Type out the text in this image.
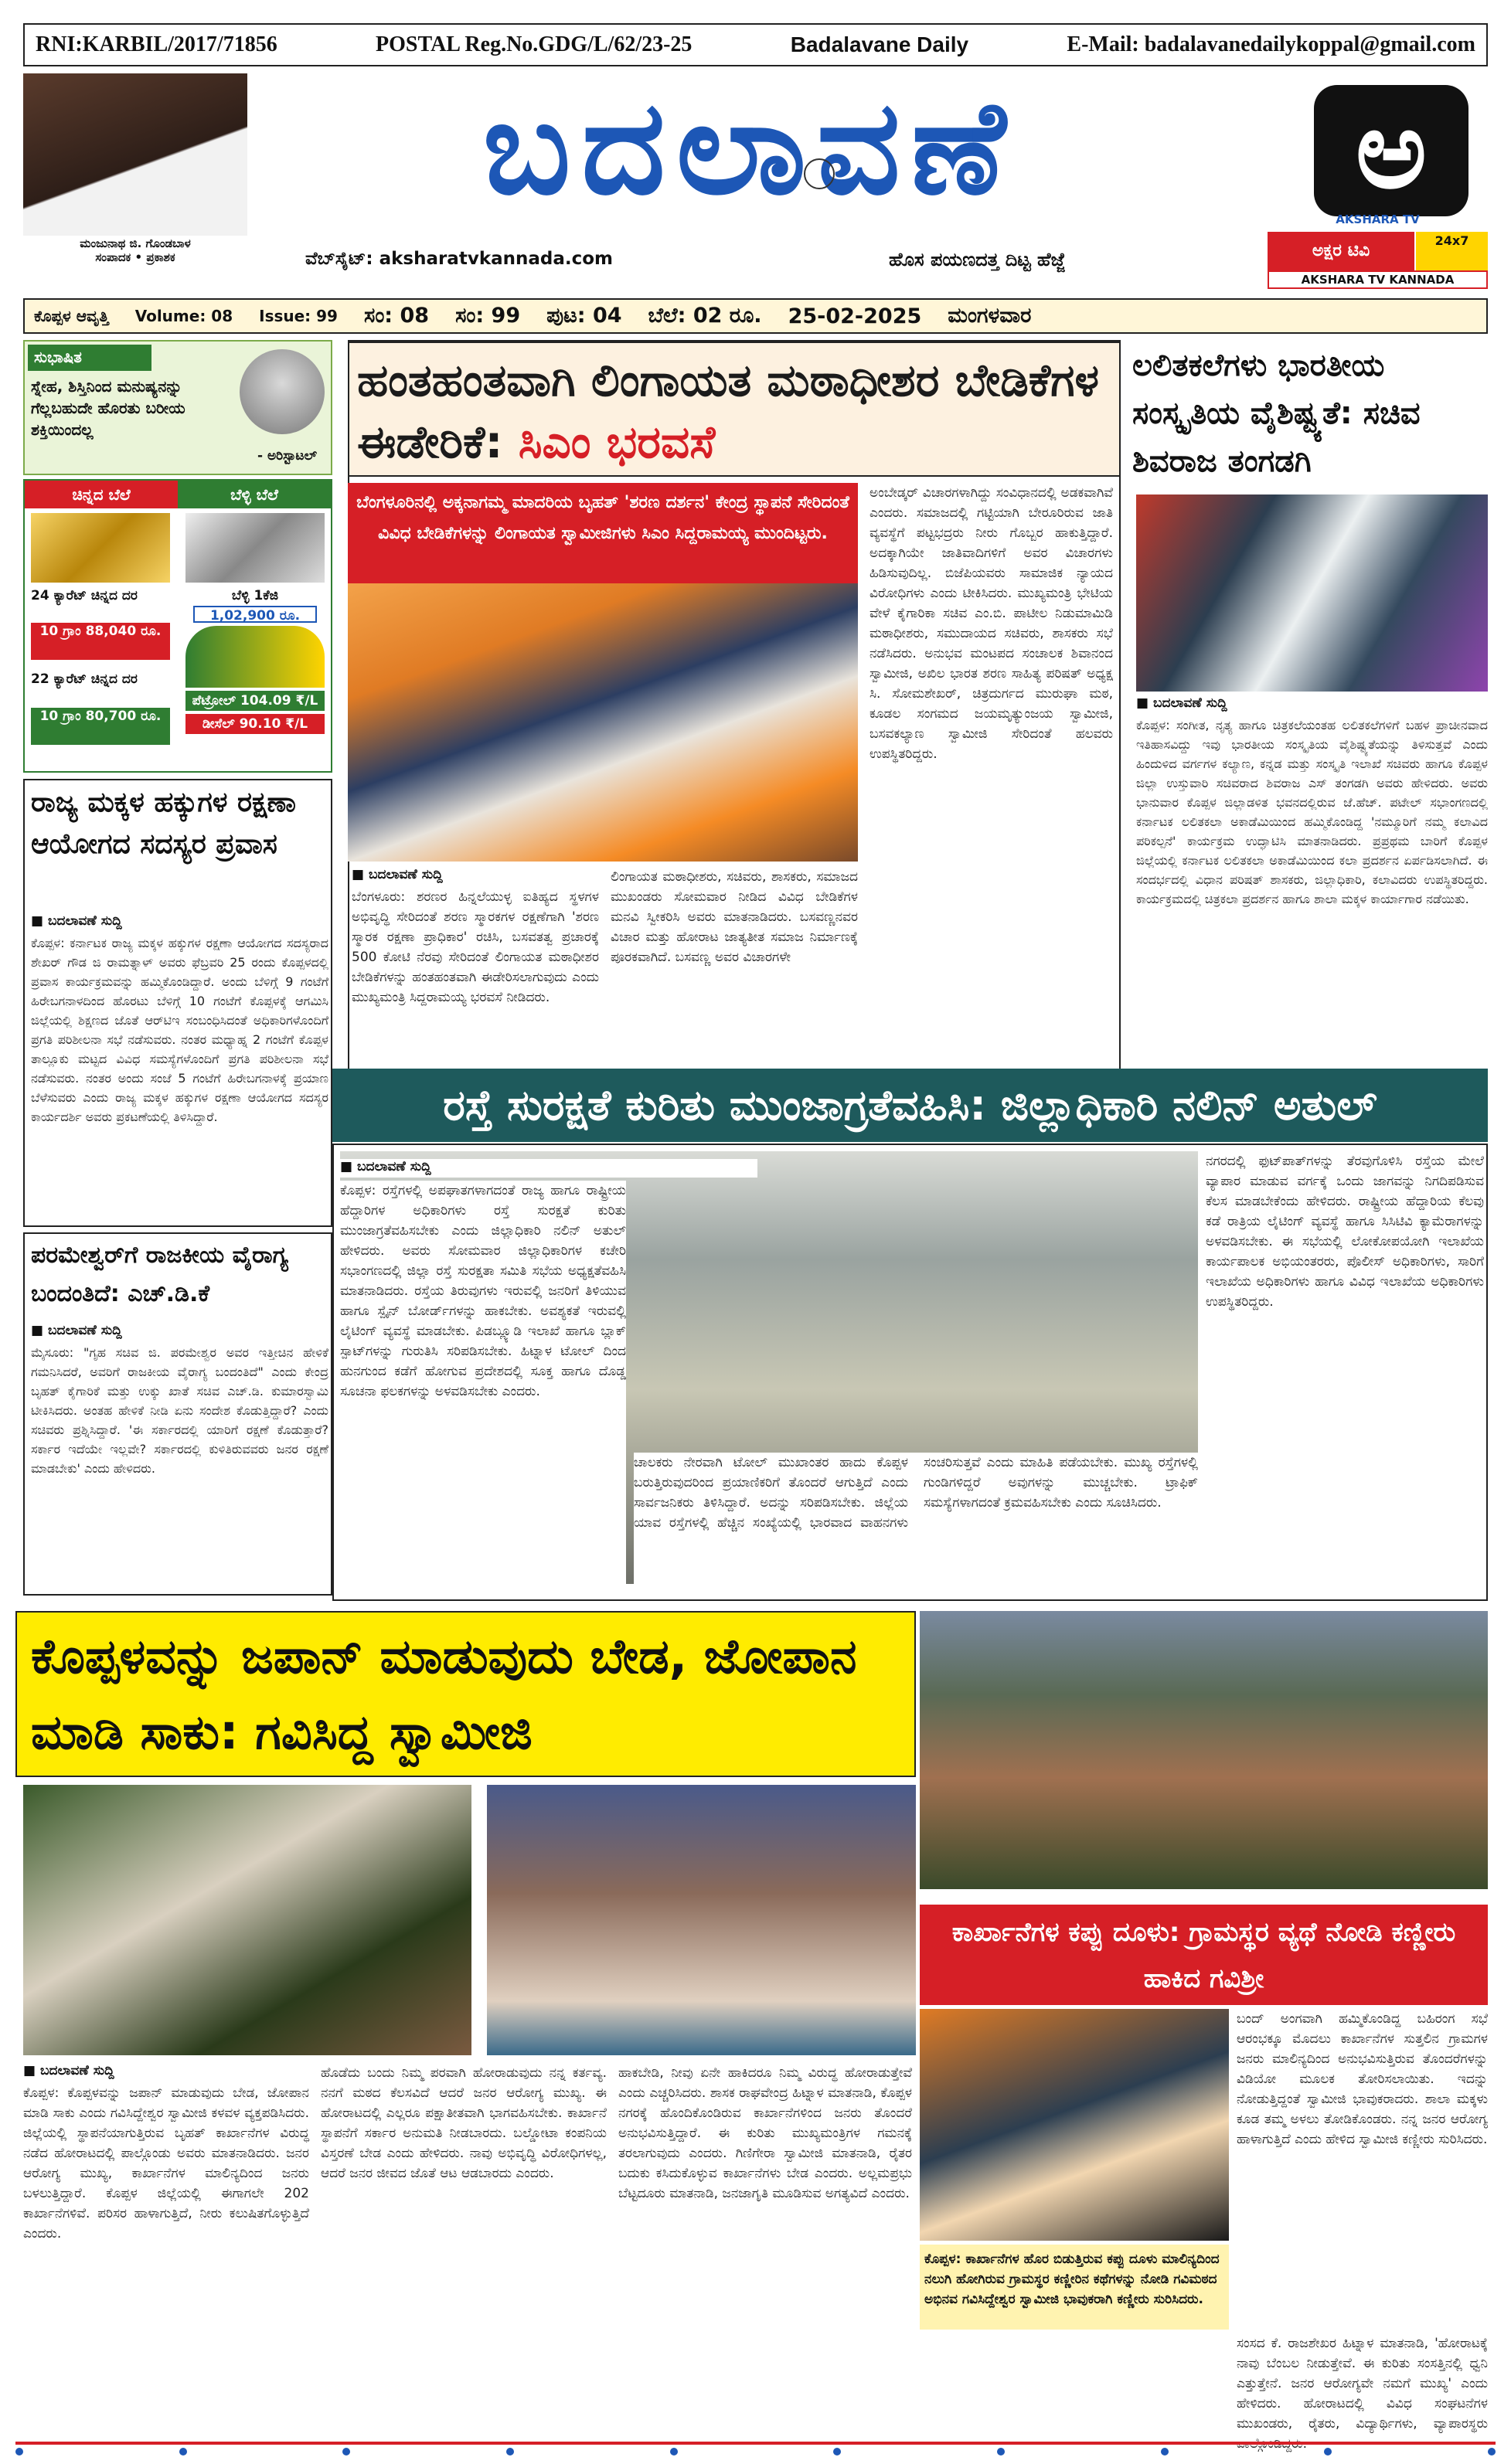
RNI:KARBIL/2017/71856	POSTAL Reg.No.GDG/L/62/23-25	Badalavane Daily	E-Mail: badalavanedailykoppal@gmail.com
ಮಂಜುನಾಥ ಜಿ. ಗೊಂಡಬಾಳ
ಸಂಪಾದಕ • ಪ್ರಕಾಶಕ
ಬದಲಾವಣೆ
ವೆಬ್‌ಸೈಟ್: aksharatvkannada.com	ಹೊಸ ಪಯಣದತ್ತ ದಿಟ್ಟ ಹೆಜ್ಜೆ
ಅ
AKSHARA TV
ಅಕ್ಷರ ಟಿವಿ
24x7
AKSHARA TV KANNADA
ಕೊಪ್ಪಳ ಆವೃತ್ತಿ Volume: 08 Issue: 99 ಸಂ: 08 ಸಂ: 99 ಪುಟ: 04 ಬೆಲೆ: 02 ರೂ. 25-02-2025 ಮಂಗಳವಾರ
ಸುಭಾಷಿತ
ಸ್ನೇಹ, ಶಿಸ್ತಿನಿಂದ ಮನುಷ್ಯನನ್ನು ಗೆಲ್ಲಬಹುದೇ ಹೊರತು ಬರೀಯ ಶಕ್ತಿಯಿಂದಲ್ಲ
- ಅರಿಸ್ಟಾಟಲ್
ಚಿನ್ನದ ಬೆಲೆ	ಬೆಳ್ಳಿ ಬೆಲೆ
24 ಕ್ಯಾರೆಟ್ ಚಿನ್ನದ ದರ
10 ಗ್ರಾಂ 88,040 ರೂ.
22 ಕ್ಯಾರೆಟ್ ಚಿನ್ನದ ದರ
10 ಗ್ರಾಂ 80,700 ರೂ.
ಬೆಳ್ಳಿ 1ಕೆಜಿ
1,02,900 ರೂ.
ಪೆಟ್ರೋಲ್ 104.09 ₹/L
ಡೀಸೆಲ್ 90.10 ₹/L
ರಾಜ್ಯ ಮಕ್ಕಳ ಹಕ್ಕುಗಳ ರಕ್ಷಣಾ ಆಯೋಗದ ಸದಸ್ಯರ ಪ್ರವಾಸ
■ ಬದಲಾವಣೆ ಸುದ್ದಿ
ಕೊಪ್ಪಳ: ಕರ್ನಾಟಕ ರಾಜ್ಯ ಮಕ್ಕಳ ಹಕ್ಕುಗಳ ರಕ್ಷಣಾ ಆಯೋಗದ ಸದಸ್ಯರಾದ ಶೇಖರ್ ಗೌಡ ಜಿ ರಾಮತ್ನಾಳ್ ಅವರು ಫೆಬ್ರವರಿ 25 ರಂದು ಕೊಪ್ಪಳದಲ್ಲಿ ಪ್ರವಾಸ ಕಾರ್ಯಕ್ರಮವನ್ನು ಹಮ್ಮಿಕೊಂಡಿದ್ದಾರೆ. ಅಂದು ಬೆಳಿಗ್ಗೆ 9 ಗಂಟೆಗೆ ಹಿರೇಬಗನಾಳದಿಂದ ಹೊರಟು ಬೆಳಿಗ್ಗೆ 10 ಗಂಟೆಗೆ ಕೊಪ್ಪಳಕ್ಕೆ ಆಗಮಿಸಿ ಜಿಲ್ಲೆಯಲ್ಲಿ ಶಿಕ್ಷಣದ ಜೊತೆ ಆರ್‌ಟಿಇ ಸಂಬಂಧಿಸಿದಂತೆ ಅಧಿಕಾರಿಗಳೊಂದಿಗೆ ಪ್ರಗತಿ ಪರಿಶೀಲನಾ ಸಭೆ ನಡೆಸುವರು. ನಂತರ ಮಧ್ಯಾಹ್ನ 2 ಗಂಟೆಗೆ ಕೊಪ್ಪಳ ತಾಲ್ಲೂಕು ಮಟ್ಟದ ವಿವಿಧ ಸಮಸ್ಯೆಗಳೊಂದಿಗೆ ಪ್ರಗತಿ ಪರಿಶೀಲನಾ ಸಭೆ ನಡೆಸುವರು. ನಂತರ ಅಂದು ಸಂಜೆ 5 ಗಂಟೆಗೆ ಹಿರೇಬಗನಾಳಕ್ಕೆ ಪ್ರಯಾಣ ಬೆಳೆಸುವರು ಎಂದು ರಾಜ್ಯ ಮಕ್ಕಳ ಹಕ್ಕುಗಳ ರಕ್ಷಣಾ ಆಯೋಗದ ಸದಸ್ಯರ ಕಾರ್ಯದರ್ಶಿ ಅವರು ಪ್ರಕಟಣೆಯಲ್ಲಿ ತಿಳಿಸಿದ್ದಾರೆ.
ಪರಮೇಶ್ವರ್‌ಗೆ ರಾಜಕೀಯ ವೈರಾಗ್ಯ ಬಂದಂತಿದೆ: ಎಚ್.ಡಿ.ಕೆ
■ ಬದಲಾವಣೆ ಸುದ್ದಿ
ಮೈಸೂರು: "ಗೃಹ ಸಚಿವ ಜಿ. ಪರಮೇಶ್ವರ ಅವರ ಇತ್ತೀಚಿನ ಹೇಳಿಕೆ ಗಮನಿಸಿದರೆ, ಅವರಿಗೆ ರಾಜಕೀಯ ವೈರಾಗ್ಯ ಬಂದಂತಿದೆ" ಎಂದು ಕೇಂದ್ರ ಬೃಹತ್ ಕೈಗಾರಿಕೆ ಮತ್ತು ಉಕ್ಕು ಖಾತೆ ಸಚಿವ ಎಚ್.ಡಿ. ಕುಮಾರಸ್ವಾಮಿ ಟೀಕಿಸಿದರು. ಅಂತಹ ಹೇಳಿಕೆ ನೀಡಿ ಏನು ಸಂದೇಶ ಕೊಡುತ್ತಿದ್ದಾರೆ? ಎಂದು ಸಚಿವರು ಪ್ರಶ್ನಿಸಿದ್ದಾರೆ. 'ಈ ಸರ್ಕಾರದಲ್ಲಿ ಯಾರಿಗೆ ರಕ್ಷಣೆ ಕೊಡುತ್ತಾರೆ? ಸರ್ಕಾರ ಇದೆಯೇ ಇಲ್ಲವೇ? ಸರ್ಕಾರದಲ್ಲಿ ಕುಳಿತಿರುವವರು ಜನರ ರಕ್ಷಣೆ ಮಾಡಬೇಕು' ಎಂದು ಹೇಳಿದರು.
ಹಂತಹಂತವಾಗಿ ಲಿಂಗಾಯತ ಮಠಾಧೀಶರ ಬೇಡಿಕೆಗಳ ಈಡೇರಿಕೆ: ಸಿಎಂ ಭರವಸೆ
ಬೆಂಗಳೂರಿನಲ್ಲಿ ಅಕ್ಕನಾಗಮ್ಮ ಮಾದರಿಯ ಬೃಹತ್ 'ಶರಣ ದರ್ಶನ' ಕೇಂದ್ರ ಸ್ಥಾಪನೆ ಸೇರಿದಂತೆ ವಿವಿಧ ಬೇಡಿಕೆಗಳನ್ನು ಲಿಂಗಾಯತ ಸ್ವಾಮೀಜಿಗಳು ಸಿಎಂ ಸಿದ್ದರಾಮಯ್ಯ ಮುಂದಿಟ್ಟರು.
ಅಂಬೇಡ್ಕರ್ ವಿಚಾರಗಳಾಗಿದ್ದು ಸಂವಿಧಾನದಲ್ಲಿ ಅಡಕವಾಗಿವೆ ಎಂದರು. ಸಮಾಜದಲ್ಲಿ ಗಟ್ಟಿಯಾಗಿ ಬೇರೂರಿರುವ ಜಾತಿ ವ್ಯವಸ್ಥೆಗೆ ಪಟ್ಟಭದ್ರರು ನೀರು ಗೊಬ್ಬರ ಹಾಕುತ್ತಿದ್ದಾರೆ. ಅದಕ್ಕಾಗಿಯೇ ಜಾತಿವಾದಿಗಳಿಗೆ ಅವರ ವಿಚಾರಗಳು ಹಿಡಿಸುವುದಿಲ್ಲ. ಬಿಜೆಪಿಯವರು ಸಾಮಾಜಿಕ ನ್ಯಾಯದ ವಿರೋಧಿಗಳು ಎಂದು ಟೀಕಿಸಿದರು. ಮುಖ್ಯಮಂತ್ರಿ ಭೇಟಿಯ ವೇಳೆ ಕೈಗಾರಿಕಾ ಸಚಿವ ಎಂ.ಬಿ. ಪಾಟೀಲ ನಿಡುಮಾಮಿಡಿ ಮಠಾಧೀಶರು, ಸಮುದಾಯದ ಸಚಿವರು, ಶಾಸಕರು ಸಭೆ ನಡೆಸಿದರು. ಅನುಭವ ಮಂಟಪದ ಸಂಚಾಲಕ ಶಿವಾನಂದ ಸ್ವಾಮೀಜಿ, ಅಖಿಲ ಭಾರತ ಶರಣ ಸಾಹಿತ್ಯ ಪರಿಷತ್ ಅಧ್ಯಕ್ಷ ಸಿ. ಸೋಮಶೇಖರ್, ಚಿತ್ರದುರ್ಗದ ಮುರುಘಾ ಮಠ, ಕೂಡಲ ಸಂಗಮದ ಜಯಮೃತ್ಯುಂಜಯ ಸ್ವಾಮೀಜಿ, ಬಸವಕಲ್ಯಾಣ ಸ್ವಾಮೀಜಿ ಸೇರಿದಂತೆ ಹಲವರು ಉಪಸ್ಥಿತರಿದ್ದರು.
■ ಬದಲಾವಣೆ ಸುದ್ದಿ
ಬೆಂಗಳೂರು: ಶರಣರ ಹಿನ್ನಲೆಯುಳ್ಳ ಐತಿಹ್ಯದ ಸ್ಥಳಗಳ ಅಭಿವೃದ್ಧಿ ಸೇರಿದಂತೆ ಶರಣ ಸ್ಮಾರಕಗಳ ರಕ್ಷಣೆಗಾಗಿ 'ಶರಣ ಸ್ಮಾರಕ ರಕ್ಷಣಾ ಪ್ರಾಧಿಕಾರ' ರಚಿಸಿ, ಬಸವತತ್ವ ಪ್ರಚಾರಕ್ಕೆ 500 ಕೋಟಿ ನೆರವು ಸೇರಿದಂತೆ ಲಿಂಗಾಯತ ಮಠಾಧೀಶರ ಬೇಡಿಕೆಗಳನ್ನು ಹಂತಹಂತವಾಗಿ ಈಡೇರಿಸಲಾಗುವುದು ಎಂದು ಮುಖ್ಯಮಂತ್ರಿ ಸಿದ್ದರಾಮಯ್ಯ ಭರವಸೆ ನೀಡಿದರು.
ಲಿಂಗಾಯತ ಮಠಾಧೀಶರು, ಸಚಿವರು, ಶಾಸಕರು, ಸಮಾಜದ ಮುಖಂಡರು ಸೋಮವಾರ ನೀಡಿದ ವಿವಿಧ ಬೇಡಿಕೆಗಳ ಮನವಿ ಸ್ವೀಕರಿಸಿ ಅವರು ಮಾತನಾಡಿದರು. ಬಸವಣ್ಣನವರ ವಿಚಾರ ಮತ್ತು ಹೋರಾಟ ಜಾತ್ಯತೀತ ಸಮಾಜ ನಿರ್ಮಾಣಕ್ಕೆ ಪೂರಕವಾಗಿದೆ. ಬಸವಣ್ಣ ಅವರ ವಿಚಾರಗಳೇ
ಲಲಿತಕಲೆಗಳು ಭಾರತೀಯ ಸಂಸ್ಕೃತಿಯ ವೈಶಿಷ್ಟ್ಯತೆ: ಸಚಿವ ಶಿವರಾಜ ತಂಗಡಗಿ
■ ಬದಲಾವಣೆ ಸುದ್ದಿ
ಕೊಪ್ಪಳ: ಸಂಗೀತ, ನೃತ್ಯ ಹಾಗೂ ಚಿತ್ರಕಲೆಯಂತಹ ಲಲಿತಕಲೆಗಳಿಗೆ ಬಹಳ ಪ್ರಾಚೀನವಾದ ಇತಿಹಾಸವಿದ್ದು ಇವು ಭಾರತೀಯ ಸಂಸ್ಕೃತಿಯ ವೈಶಿಷ್ಟ್ಯತೆಯನ್ನು ತಿಳಿಸುತ್ತವೆ ಎಂದು ಹಿಂದುಳಿದ ವರ್ಗಗಳ ಕಲ್ಯಾಣ, ಕನ್ನಡ ಮತ್ತು ಸಂಸ್ಕೃತಿ ಇಲಾಖೆ ಸಚಿವರು ಹಾಗೂ ಕೊಪ್ಪಳ ಜಿಲ್ಲಾ ಉಸ್ತುವಾರಿ ಸಚಿವರಾದ ಶಿವರಾಜ ಎಸ್ ತಂಗಡಗಿ ಅವರು ಹೇಳಿದರು. ಅವರು ಭಾನುವಾರ ಕೊಪ್ಪಳ ಜಿಲ್ಲಾಡಳಿತ ಭವನದಲ್ಲಿರುವ ಜೆ.ಹೆಚ್. ಪಟೇಲ್ ಸಭಾಂಗಣದಲ್ಲಿ ಕರ್ನಾಟಕ ಲಲಿತಕಲಾ ಅಕಾಡೆಮಿಯಿಂದ ಹಮ್ಮಿಕೊಂಡಿದ್ದ 'ನಮ್ಮೂರಿಗೆ ನಮ್ಮ ಕಲಾವಿದ ಪರಿಕಲ್ಪನೆ' ಕಾರ್ಯಕ್ರಮ ಉದ್ಘಾಟಿಸಿ ಮಾತನಾಡಿದರು. ಪ್ರಪ್ರಥಮ ಬಾರಿಗೆ ಕೊಪ್ಪಳ ಜಿಲ್ಲೆಯಲ್ಲಿ ಕರ್ನಾಟಕ ಲಲಿತಕಲಾ ಅಕಾಡೆಮಿಯಿಂದ ಕಲಾ ಪ್ರದರ್ಶನ ಏರ್ಪಡಿಸಲಾಗಿದೆ. ಈ ಸಂದರ್ಭದಲ್ಲಿ ವಿಧಾನ ಪರಿಷತ್ ಶಾಸಕರು, ಜಿಲ್ಲಾಧಿಕಾರಿ, ಕಲಾವಿದರು ಉಪಸ್ಥಿತರಿದ್ದರು. ಕಾರ್ಯಕ್ರಮದಲ್ಲಿ ಚಿತ್ರಕಲಾ ಪ್ರದರ್ಶನ ಹಾಗೂ ಶಾಲಾ ಮಕ್ಕಳ ಕಾರ್ಯಾಗಾರ ನಡೆಯಿತು.
ರಸ್ತೆ ಸುರಕ್ಷತೆ ಕುರಿತು ಮುಂಜಾಗ್ರತೆವಹಿಸಿ: ಜಿಲ್ಲಾಧಿಕಾರಿ ನಲಿನ್ ಅತುಲ್
ನಗರದಲ್ಲಿ ಫುಟ್‌ಪಾತ್‌ಗಳನ್ನು ತೆರವುಗೊಳಿಸಿ ರಸ್ತೆಯ ಮೇಲೆ ವ್ಯಾಪಾರ ಮಾಡುವ ವರ್ಗಕ್ಕೆ ಒಂದು ಜಾಗವನ್ನು ನಿಗದಿಪಡಿಸುವ ಕೆಲಸ ಮಾಡಬೇಕೆಂದು ಹೇಳಿದರು. ರಾಷ್ಟ್ರೀಯ ಹೆದ್ದಾರಿಯ ಕೆಲವು ಕಡೆ ರಾತ್ರಿಯ ಲೈಟಿಂಗ್ ವ್ಯವಸ್ಥೆ ಹಾಗೂ ಸಿಸಿಟಿವಿ ಕ್ಯಾಮೆರಾಗಳನ್ನು ಅಳವಡಿಸಬೇಕು. ಈ ಸಭೆಯಲ್ಲಿ ಲೋಕೋಪಯೋಗಿ ಇಲಾಖೆಯ ಕಾರ್ಯಪಾಲಕ ಅಭಿಯಂತರರು, ಪೊಲೀಸ್ ಅಧಿಕಾರಿಗಳು, ಸಾರಿಗೆ ಇಲಾಖೆಯ ಅಧಿಕಾರಿಗಳು ಹಾಗೂ ವಿವಿಧ ಇಲಾಖೆಯ ಅಧಿಕಾರಿಗಳು ಉಪಸ್ಥಿತರಿದ್ದರು.
■ ಬದಲಾವಣೆ ಸುದ್ದಿ
ಕೊಪ್ಪಳ: ರಸ್ತೆಗಳಲ್ಲಿ ಅಪಘಾತಗಳಾಗದಂತೆ ರಾಜ್ಯ ಹಾಗೂ ರಾಷ್ಟ್ರೀಯ ಹೆದ್ದಾರಿಗಳ ಅಧಿಕಾರಿಗಳು ರಸ್ತೆ ಸುರಕ್ಷತೆ ಕುರಿತು ಮುಂಜಾಗ್ರತೆವಹಿಸಬೇಕು ಎಂದು ಜಿಲ್ಲಾಧಿಕಾರಿ ನಲಿನ್ ಅತುಲ್ ಹೇಳಿದರು. ಅವರು ಸೋಮವಾರ ಜಿಲ್ಲಾಧಿಕಾರಿಗಳ ಕಚೇರಿ ಸಭಾಂಗಣದಲ್ಲಿ ಜಿಲ್ಲಾ ರಸ್ತೆ ಸುರಕ್ಷತಾ ಸಮಿತಿ ಸಭೆಯ ಅಧ್ಯಕ್ಷತೆವಹಿಸಿ ಮಾತನಾಡಿದರು. ರಸ್ತೆಯ ತಿರುವುಗಳು ಇರುವಲ್ಲಿ ಜನರಿಗೆ ತಿಳಿಯುವ ಹಾಗೂ ಸ್ಪೈನ್ ಬೋರ್ಡ್‌ಗಳನ್ನು ಹಾಕಬೇಕು. ಅವಶ್ಯಕತೆ ಇರುವಲ್ಲಿ ಲೈಟಿಂಗ್ ವ್ಯವಸ್ಥೆ ಮಾಡಬೇಕು. ಪಿಡಬ್ಲ್ಯೂಡಿ ಇಲಾಖೆ ಹಾಗೂ ಬ್ಲಾಕ್ ಸ್ಪಾಟ್‌ಗಳನ್ನು ಗುರುತಿಸಿ ಸರಿಪಡಿಸಬೇಕು. ಹಿಟ್ನಾಳ ಟೋಲ್ ದಿಂದ ಹುನಗುಂದ ಕಡೆಗೆ ಹೋಗುವ ಪ್ರದೇಶದಲ್ಲಿ ಸೂಕ್ತ ಹಾಗೂ ದೊಡ್ಡ ಸೂಚನಾ ಫಲಕಗಳನ್ನು ಅಳವಡಿಸಬೇಕು ಎಂದರು.
ಚಾಲಕರು ನೇರವಾಗಿ ಟೋಲ್ ಮುಖಾಂತರ ಹಾದು ಕೊಪ್ಪಳ ಬರುತ್ತಿರುವುದರಿಂದ ಪ್ರಯಾಣಿಕರಿಗೆ ತೊಂದರೆ ಆಗುತ್ತಿದೆ ಎಂದು ಸಾರ್ವಜನಿಕರು ತಿಳಿಸಿದ್ದಾರೆ. ಅದನ್ನು ಸರಿಪಡಿಸಬೇಕು. ಜಿಲ್ಲೆಯ ಯಾವ ರಸ್ತೆಗಳಲ್ಲಿ ಹೆಚ್ಚಿನ ಸಂಖ್ಯೆಯಲ್ಲಿ ಭಾರವಾದ ವಾಹನಗಳು ಸಂಚರಿಸುತ್ತವೆ ಎಂದು ಮಾಹಿತಿ ಪಡೆಯಬೇಕು. ಮುಖ್ಯ ರಸ್ತೆಗಳಲ್ಲಿ ಗುಂಡಿಗಳಿದ್ದರೆ ಅವುಗಳನ್ನು ಮುಚ್ಚಬೇಕು. ಟ್ರಾಫಿಕ್ ಸಮಸ್ಯೆಗಳಾಗದಂತೆ ಕ್ರಮವಹಿಸಬೇಕು ಎಂದು ಸೂಚಿಸಿದರು.
ಕೊಪ್ಪಳವನ್ನು ಜಪಾನ್ ಮಾಡುವುದು ಬೇಡ, ಜೋಪಾನ ಮಾಡಿ ಸಾಕು: ಗವಿಸಿದ್ದ ಸ್ವಾಮೀಜಿ
■ ಬದಲಾವಣೆ ಸುದ್ದಿ
ಕೊಪ್ಪಳ: ಕೊಪ್ಪಳವನ್ನು ಜಪಾನ್ ಮಾಡುವುದು ಬೇಡ, ಜೋಪಾನ ಮಾಡಿ ಸಾಕು ಎಂದು ಗವಿಸಿದ್ದೇಶ್ವರ ಸ್ವಾಮೀಜಿ ಕಳವಳ ವ್ಯಕ್ತಪಡಿಸಿದರು. ಜಿಲ್ಲೆಯಲ್ಲಿ ಸ್ಥಾಪನೆಯಾಗುತ್ತಿರುವ ಬೃಹತ್ ಕಾರ್ಖಾನೆಗಳ ವಿರುದ್ಧ ನಡೆದ ಹೋರಾಟದಲ್ಲಿ ಪಾಲ್ಗೊಂಡು ಅವರು ಮಾತನಾಡಿದರು. ಜನರ ಆರೋಗ್ಯ ಮುಖ್ಯ, ಕಾರ್ಖಾನೆಗಳ ಮಾಲಿನ್ಯದಿಂದ ಜನರು ಬಳಲುತ್ತಿದ್ದಾರೆ. ಕೊಪ್ಪಳ ಜಿಲ್ಲೆಯಲ್ಲಿ ಈಗಾಗಲೇ 202 ಕಾರ್ಖಾನೆಗಳಿವೆ. ಪರಿಸರ ಹಾಳಾಗುತ್ತಿದೆ, ನೀರು ಕಲುಷಿತಗೊಳ್ಳುತ್ತಿದೆ ಎಂದರು.
ಹೊಡೆದು ಬಂದು ನಿಮ್ಮ ಪರವಾಗಿ ಹೋರಾಡುವುದು ನನ್ನ ಕರ್ತವ್ಯ. ನನಗೆ ಮಠದ ಕೆಲಸವಿದೆ ಆದರೆ ಜನರ ಆರೋಗ್ಯ ಮುಖ್ಯ. ಈ ಹೋರಾಟದಲ್ಲಿ ಎಲ್ಲರೂ ಪಕ್ಷಾತೀತವಾಗಿ ಭಾಗವಹಿಸಬೇಕು. ಕಾರ್ಖಾನೆ ಸ್ಥಾಪನೆಗೆ ಸರ್ಕಾರ ಅನುಮತಿ ನೀಡಬಾರದು. ಬಲ್ಡೋಟಾ ಕಂಪನಿಯ ವಿಸ್ತರಣೆ ಬೇಡ ಎಂದು ಹೇಳಿದರು. ನಾವು ಅಭಿವೃದ್ಧಿ ವಿರೋಧಿಗಳಲ್ಲ, ಆದರೆ ಜನರ ಜೀವದ ಜೊತೆ ಆಟ ಆಡಬಾರದು ಎಂದರು.
ಹಾಕಬೇಡಿ, ನೀವು ಏನೇ ಹಾಕಿದರೂ ನಿಮ್ಮ ವಿರುದ್ಧ ಹೋರಾಡುತ್ತೇವೆ ಎಂದು ಎಚ್ಚರಿಸಿದರು. ಶಾಸಕ ರಾಘವೇಂದ್ರ ಹಿಟ್ನಾಳ ಮಾತನಾಡಿ, ಕೊಪ್ಪಳ ನಗರಕ್ಕೆ ಹೊಂದಿಕೊಂಡಿರುವ ಕಾರ್ಖಾನೆಗಳಿಂದ ಜನರು ತೊಂದರೆ ಅನುಭವಿಸುತ್ತಿದ್ದಾರೆ. ಈ ಕುರಿತು ಮುಖ್ಯಮಂತ್ರಿಗಳ ಗಮನಕ್ಕೆ ತರಲಾಗುವುದು ಎಂದರು. ಗಿಣಿಗೇರಾ ಸ್ವಾಮೀಜಿ ಮಾತನಾಡಿ, ರೈತರ ಬದುಕು ಕಸಿದುಕೊಳ್ಳುವ ಕಾರ್ಖಾನೆಗಳು ಬೇಡ ಎಂದರು. ಅಲ್ಲಮಪ್ರಭು ಬೆಟ್ಟದೂರು ಮಾತನಾಡಿ, ಜನಜಾಗೃತಿ ಮೂಡಿಸುವ ಅಗತ್ಯವಿದೆ ಎಂದರು.
ಕಾರ್ಖಾನೆಗಳ ಕಪ್ಪು ದೂಳು: ಗ್ರಾಮಸ್ಥರ ವ್ಯಥೆ ನೋಡಿ ಕಣ್ಣೀರು ಹಾಕಿದ ಗವಿಶ್ರೀ
ಕೊಪ್ಪಳ: ಕಾರ್ಖಾನೆಗಳ ಹೊರ ಬಿಡುತ್ತಿರುವ ಕಪ್ಪು ದೂಳು ಮಾಲಿನ್ಯದಿಂದ ನಲುಗಿ ಹೋಗಿರುವ ಗ್ರಾಮಸ್ಥರ ಕಣ್ಣೀರಿನ ಕಥೆಗಳನ್ನು ನೋಡಿ ಗವಿಮಠದ ಅಭಿನವ ಗವಿಸಿದ್ದೇಶ್ವರ ಸ್ವಾಮೀಜಿ ಭಾವುಕರಾಗಿ ಕಣ್ಣೀರು ಸುರಿಸಿದರು.
ಬಂದ್ ಅಂಗವಾಗಿ ಹಮ್ಮಿಕೊಂಡಿದ್ದ ಬಹಿರಂಗ ಸಭೆ ಆರಂಭಕ್ಕೂ ಮೊದಲು ಕಾರ್ಖಾನೆಗಳ ಸುತ್ತಲಿನ ಗ್ರಾಮಗಳ ಜನರು ಮಾಲಿನ್ಯದಿಂದ ಅನುಭವಿಸುತ್ತಿರುವ ತೊಂದರೆಗಳನ್ನು ವಿಡಿಯೋ ಮೂಲಕ ತೋರಿಸಲಾಯಿತು. ಇದನ್ನು ನೋಡುತ್ತಿದ್ದಂತೆ ಸ್ವಾಮೀಜಿ ಭಾವುಕರಾದರು. ಶಾಲಾ ಮಕ್ಕಳು ಕೂಡ ತಮ್ಮ ಅಳಲು ತೋಡಿಕೊಂಡರು. ನನ್ನ ಜನರ ಆರೋಗ್ಯ ಹಾಳಾಗುತ್ತಿದೆ ಎಂದು ಹೇಳಿದ ಸ್ವಾಮೀಜಿ ಕಣ್ಣೀರು ಸುರಿಸಿದರು.
ಸಂಸದ ಕೆ. ರಾಜಶೇಖರ ಹಿಟ್ನಾಳ ಮಾತನಾಡಿ, 'ಹೋರಾಟಕ್ಕೆ ನಾವು ಬೆಂಬಲ ನೀಡುತ್ತೇವೆ. ಈ ಕುರಿತು ಸಂಸತ್ತಿನಲ್ಲಿ ಧ್ವನಿ ಎತ್ತುತ್ತೇನೆ. ಜನರ ಆರೋಗ್ಯವೇ ನಮಗೆ ಮುಖ್ಯ' ಎಂದು ಹೇಳಿದರು. ಹೋರಾಟದಲ್ಲಿ ವಿವಿಧ ಸಂಘಟನೆಗಳ ಮುಖಂಡರು, ರೈತರು, ವಿದ್ಯಾರ್ಥಿಗಳು, ವ್ಯಾಪಾರಸ್ಥರು
